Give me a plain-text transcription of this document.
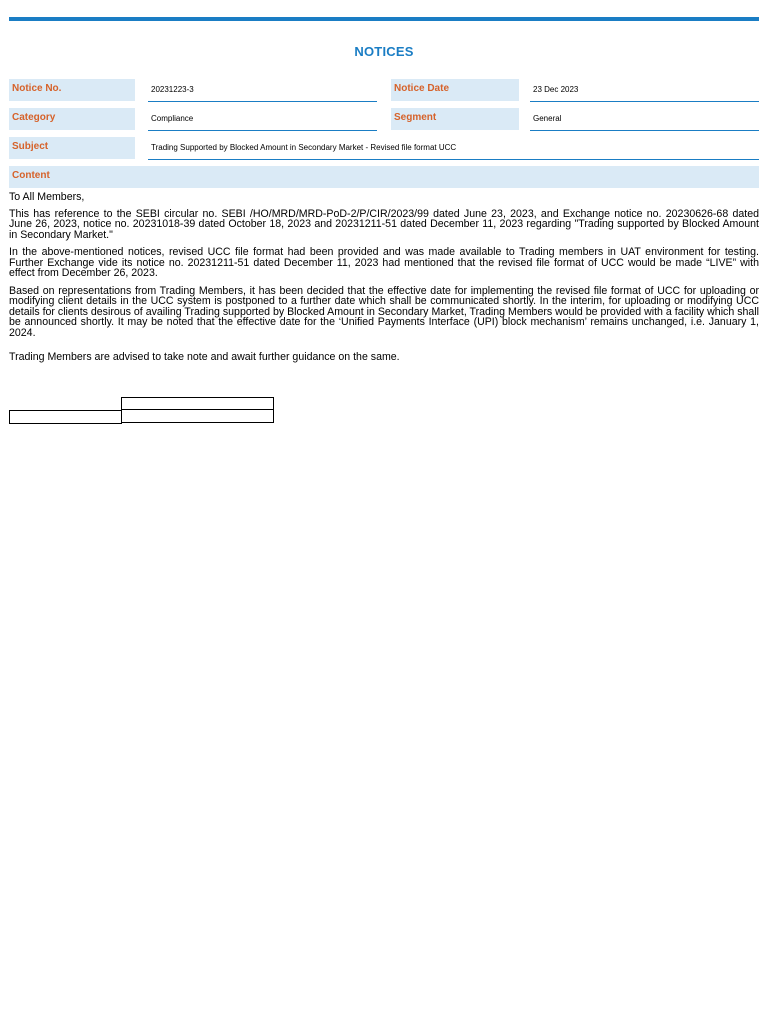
NOTICES
Notice No.	20231223-3	Notice Date	23 Dec 2023
Category	Compliance	Segment	General
Subject	Trading Supported by Blocked Amount in Secondary Market - Revised file format UCC
Content

To All Members,

This has reference to the SEBI circular no. SEBI /HO/MRD/MRD-PoD-2/P/CIR/2023/99 dated June 23, 2023, and Exchange notice no. 20230626-68 dated June 26, 2023, notice no. 20231018-39 dated October 18, 2023 and 20231211-51 dated December 11, 2023 regarding "Trading supported by Blocked Amount in Secondary Market."

In the above-mentioned notices, revised UCC file format had been provided and was made available to Trading members in UAT environment for testing. Further Exchange vide its notice no. 20231211-51 dated December 11, 2023 had mentioned that the revised file format of UCC would be made “LIVE” with effect from December 26, 2023.

Based on representations from Trading Members, it has been decided that the effective date for implementing the revised file format of UCC for uploading or modifying client details in the UCC system is postponed to a further date which shall be communicated shortly. In the interim, for uploading or modifying UCC details for clients desirous of availing Trading supported by Blocked Amount in Secondary Market, Trading Members would be provided with a facility which shall be announced shortly. It may be noted that the effective date for the ‘Unified Payments Interface (UPI) block mechanism’ remains unchanged, i.e. January 1, 2024.

Trading Members are advised to take note and await further guidance on the same.
